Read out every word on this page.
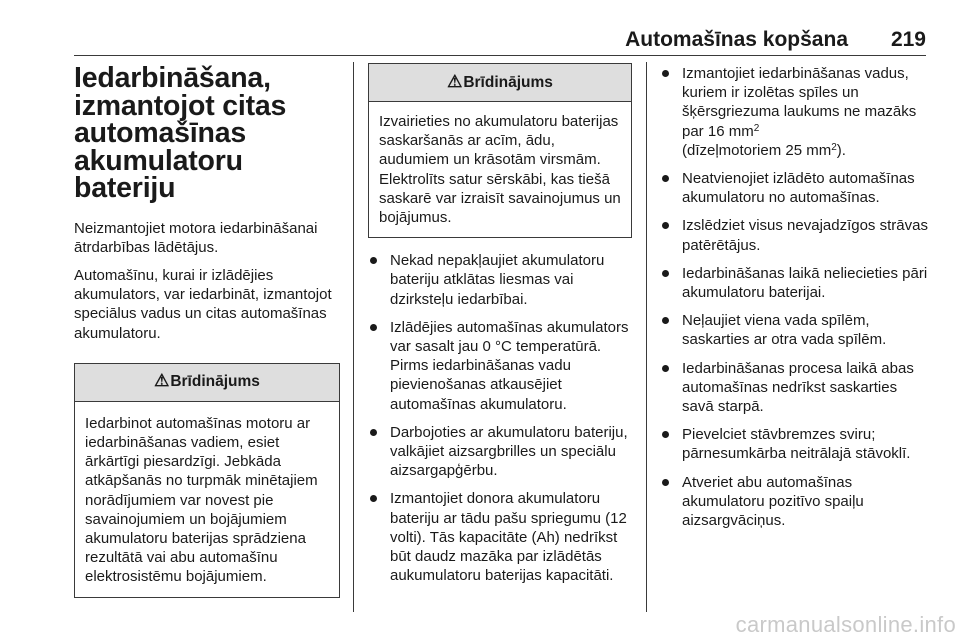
Automašīnas kopšana 219
Iedarbināšana, izmantojot citas automašīnas akumulatoru bateriju

Neizmantojiet motora iedarbināšanai ātrdarbības lādētājus.

Automašīnu, kurai ir izlādējies akumulators, var iedarbināt, izmantojot speciālus vadus un citas automašīnas akumulatoru.

⚠ Brīdinājums
Iedarbinot automašīnas motoru ar iedarbināšanas vadiem, esiet ārkārtīgi piesardzīgi. Jebkāda atkāpšanās no turpmāk minētajiem norādījumiem var novest pie savainojumiem un bojājumiem akumulatoru baterijas sprādziena rezultātā vai abu automašīnu elektrosistēmu bojājumiem.
⚠ Brīdinājums
Izvairieties no akumulatoru baterijas saskaršanās ar acīm, ādu, audumiem un krāsotām virsmām. Elektrolīts satur sērskābi, kas tiešā saskarē var izraisīt savainojumus un bojājumus.
Nekad nepakļaujiet akumulatoru bateriju atklātas liesmas vai dzirksteļu iedarbībai.
Izlādējies automašīnas akumulators var sasalt jau 0 °C temperatūrā. Pirms iedarbināšanas vadu pievienošanas atkausējiet automašīnas akumulatoru.
Darbojoties ar akumulatoru bateriju, valkājiet aizsargbrilles un speciālu aizsargapģērbu.
Izmantojiet donora akumulatoru bateriju ar tādu pašu spriegumu (12 volti). Tās kapacitāte (Ah) nedrīkst būt daudz mazāka par izlādētās aukumulatoru baterijas kapacitāti.
Izmantojiet iedarbināšanas vadus, kuriem ir izolētas spīles un šķērsgriezuma laukums ne mazāks par 16 $mm^2$
(dīzeļmotoriem 25 $mm^2$).
Neatvienojiet izlādēto automašīnas akumulatoru no automašīnas.
Izslēdziet visus nevajadzīgos strāvas patērētājus.
Iedarbināšanas laikā neliecieties pāri akumulatoru baterijai.
Neļaujiet viena vada spīlēm, saskarties ar otra vada spīlēm.
Iedarbināšanas procesa laikā abas automašīnas nedrīkst saskarties savā starpā.
Pievelciet stāvbremzes sviru; pārnesumkārba neitrālajā stāvoklī.
Atveriet abu automašīnas akumulatoru pozitīvo spaiļu aizsargvāciņus.
carmanualsonline.info
